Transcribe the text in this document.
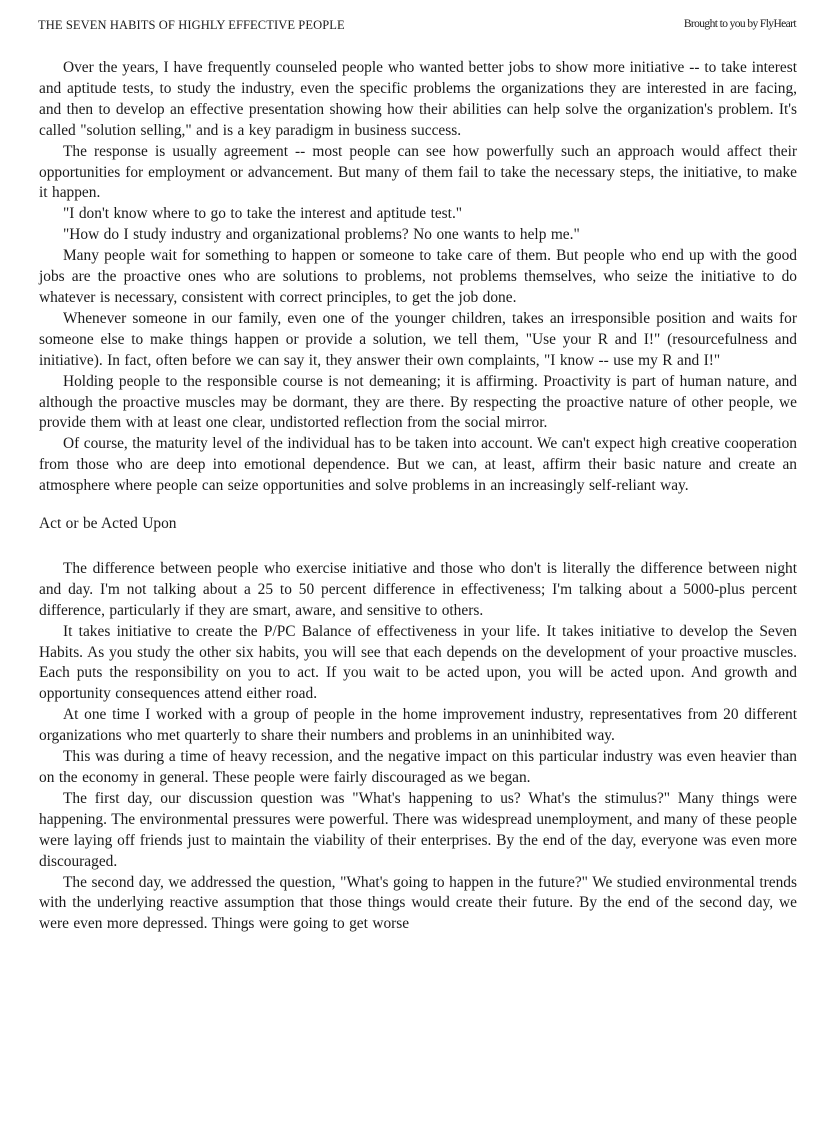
THE SEVEN HABITS OF HIGHLY EFFECTIVE PEOPLE	Brought to you by FlyHeart

Over the years, I have frequently counseled people who wanted better jobs to show more initiative -- to take interest and aptitude tests, to study the industry, even the specific problems the organizations they are interested in are facing, and then to develop an effective presentation showing how their abilities can help solve the organization's problem. It's called "solution selling," and is a key paradigm in business success.

The response is usually agreement -- most people can see how powerfully such an approach would affect their opportunities for employment or advancement. But many of them fail to take the necessary steps, the initiative, to make it happen.

"I don't know where to go to take the interest and aptitude test."

"How do I study industry and organizational problems? No one wants to help me."

Many people wait for something to happen or someone to take care of them. But people who end up with the good jobs are the proactive ones who are solutions to problems, not problems themselves, who seize the initiative to do whatever is necessary, consistent with correct principles, to get the job done.

Whenever someone in our family, even one of the younger children, takes an irresponsible position and waits for someone else to make things happen or provide a solution, we tell them, "Use your R and I!" (resourcefulness and initiative). In fact, often before we can say it, they answer their own complaints, "I know -- use my R and I!"

Holding people to the responsible course is not demeaning; it is affirming. Proactivity is part of human nature, and although the proactive muscles may be dormant, they are there. By respecting the proactive nature of other people, we provide them with at least one clear, undistorted reflection from the social mirror.

Of course, the maturity level of the individual has to be taken into account. We can't expect high creative cooperation from those who are deep into emotional dependence. But we can, at least, affirm their basic nature and create an atmosphere where people can seize opportunities and solve problems in an increasingly self-reliant way.

Act or be Acted Upon

The difference between people who exercise initiative and those who don't is literally the difference between night and day. I'm not talking about a 25 to 50 percent difference in effectiveness; I'm talking about a 5000-plus percent difference, particularly if they are smart, aware, and sensitive to others.

It takes initiative to create the P/PC Balance of effectiveness in your life. It takes initiative to develop the Seven Habits. As you study the other six habits, you will see that each depends on the development of your proactive muscles. Each puts the responsibility on you to act. If you wait to be acted upon, you will be acted upon. And growth and opportunity consequences attend either road.

At one time I worked with a group of people in the home improvement industry, representatives from 20 different organizations who met quarterly to share their numbers and problems in an uninhibited way.

This was during a time of heavy recession, and the negative impact on this particular industry was even heavier than on the economy in general. These people were fairly discouraged as we began.

The first day, our discussion question was "What's happening to us? What's the stimulus?" Many things were happening. The environmental pressures were powerful. There was widespread unemployment, and many of these people were laying off friends just to maintain the viability of their enterprises. By the end of the day, everyone was even more discouraged.

The second day, we addressed the question, "What's going to happen in the future?" We studied environmental trends with the underlying reactive assumption that those things would create their future. By the end of the second day, we were even more depressed. Things were going to get worse
